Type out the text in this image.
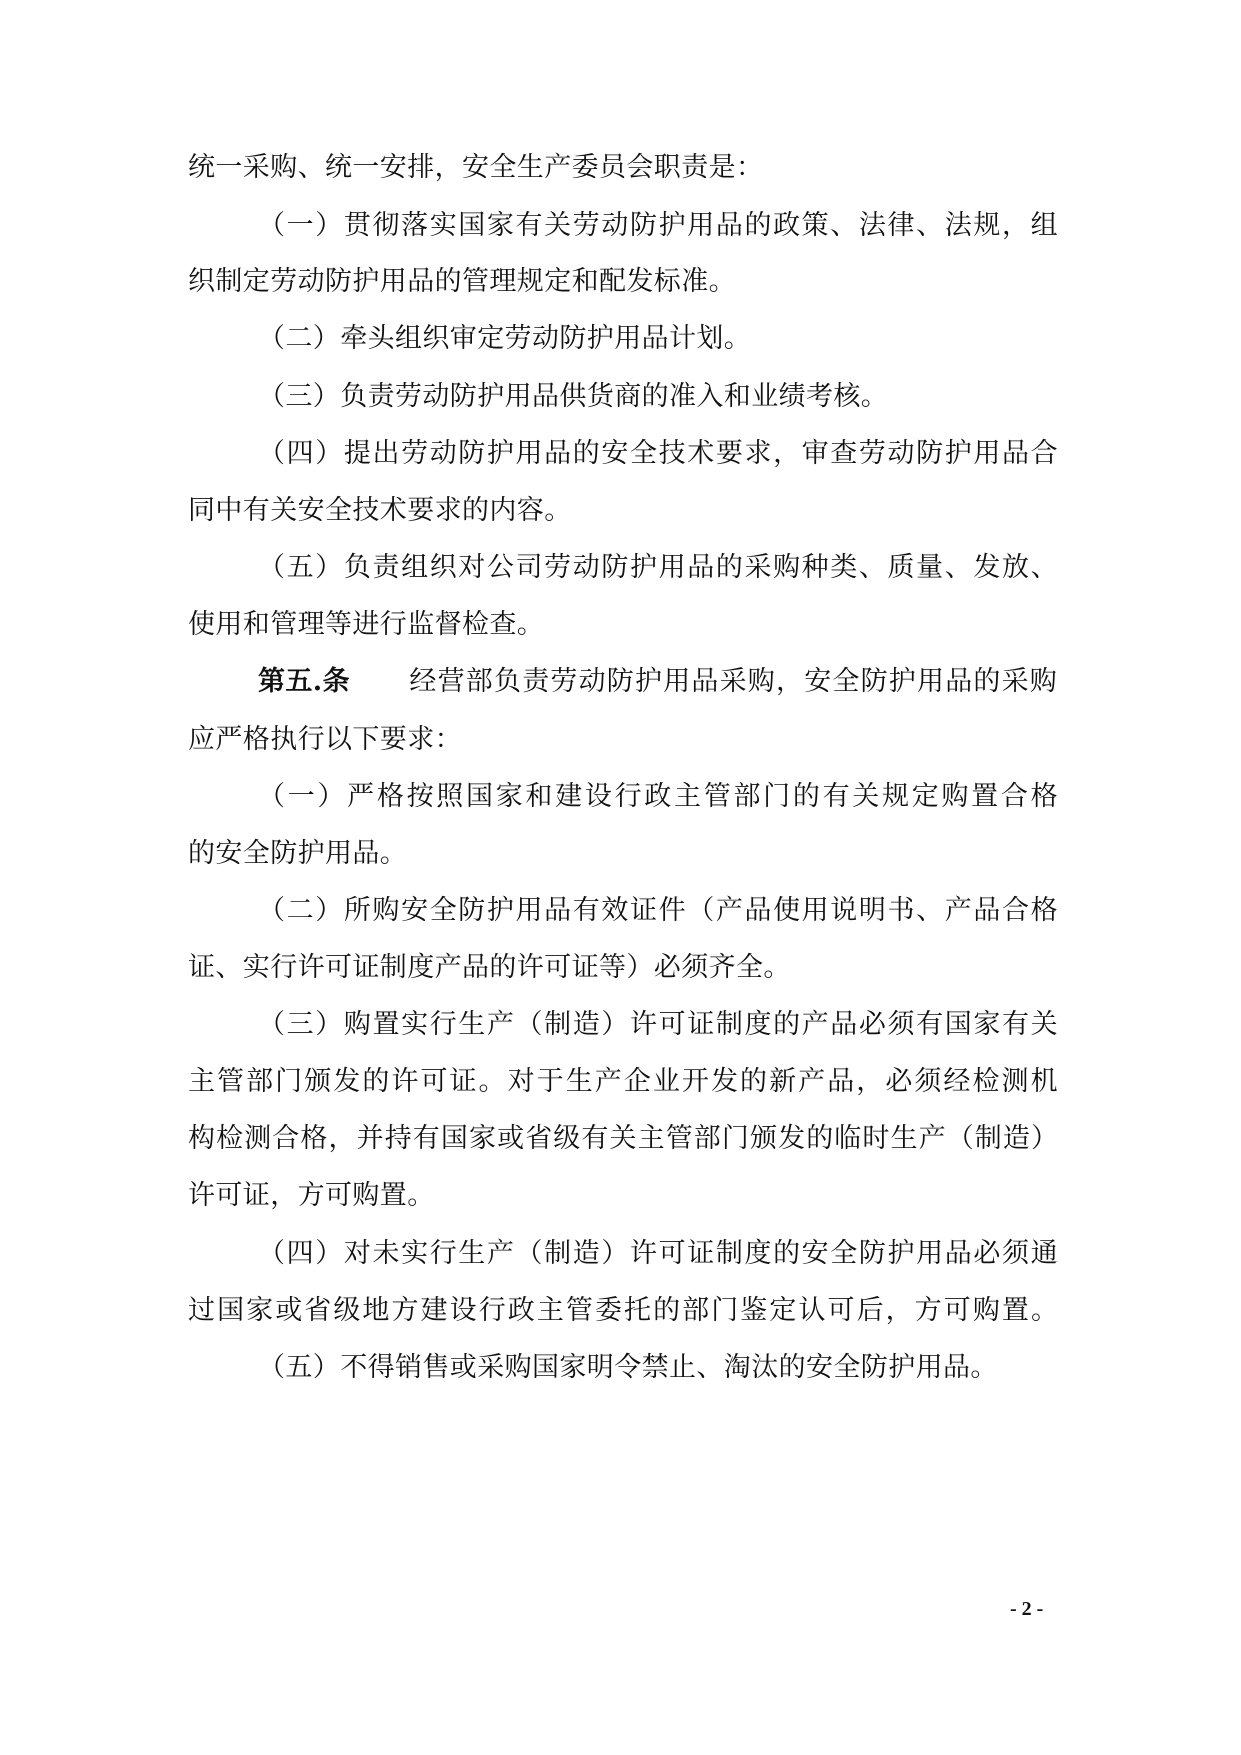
统一采购、统一安排，安全生产委员会职责是：
（一）贯彻落实国家有关劳动防护用品的政策、法律、法规，组
织制定劳动防护用品的管理规定和配发标准。
（二）牵头组织审定劳动防护用品计划。
（三）负责劳动防护用品供货商的准入和业绩考核。
（四）提出劳动防护用品的安全技术要求，审查劳动防护用品合
同中有关安全技术要求的内容。
（五）负责组织对公司劳动防护用品的采购种类、质量、发放、
使用和管理等进行监督检查。
第五.条 经营部负责劳动防护用品采购，安全防护用品的采购
应严格执行以下要求：
（一）严格按照国家和建设行政主管部门的有关规定购置合格
的安全防护用品。
（二）所购安全防护用品有效证件（产品使用说明书、产品合格
证、实行许可证制度产品的许可证等）必须齐全。
（三）购置实行生产（制造）许可证制度的产品必须有国家有关
主管部门颁发的许可证。对于生产企业开发的新产品，必须经检测机
构检测合格，并持有国家或省级有关主管部门颁发的临时生产（制造）
许可证，方可购置。
（四）对未实行生产（制造）许可证制度的安全防护用品必须通
过国家或省级地方建设行政主管委托的部门鉴定认可后，方可购置。
（五）不得销售或采购国家明令禁止、淘汰的安全防护用品。
- 2 -
